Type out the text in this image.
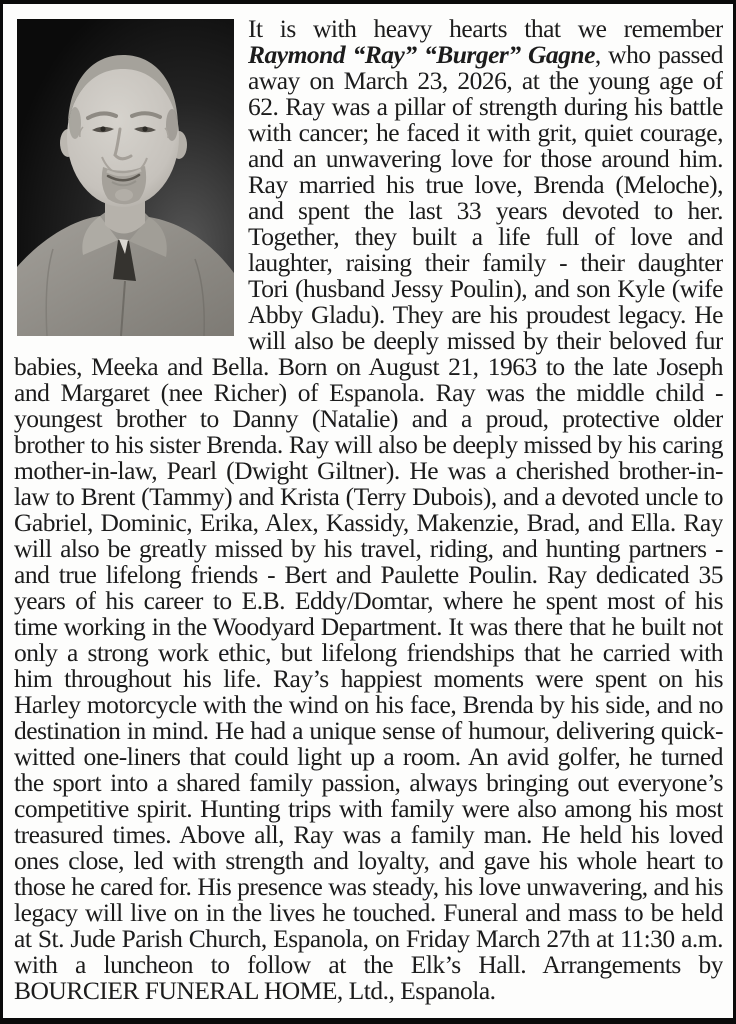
It is with heavy hearts that we remember Raymond “Ray” “Burger” Gagne, who passed away on March 23, 2026, at the young age of 62. Ray was a pillar of strength during his battle with cancer; he faced it with grit, quiet courage, and an unwavering love for those around him. Ray married his true love, Brenda (Meloche), and spent the last 33 years devoted to her. Together, they built a life full of love and laughter, raising their family - their daughter Tori (husband Jessy Poulin), and son Kyle (wife Abby Gladu). They are his proudest legacy. He will also be deeply missed by their beloved fur babies, Meeka and Bella. Born on August 21, 1963 to the late Joseph and Margaret (nee Richer) of Espanola. Ray was the middle child - youngest brother to Danny (Natalie) and a proud, protective older brother to his sister Brenda. Ray will also be deeply missed by his caring mother-in-law, Pearl (Dwight Giltner). He was a cherished brother-in-law to Brent (Tammy) and Krista (Terry Dubois), and a devoted uncle to Gabriel, Dominic, Erika, Alex, Kassidy, Makenzie, Brad, and Ella. Ray will also be greatly missed by his travel, riding, and hunting partners - and true lifelong friends - Bert and Paulette Poulin. Ray dedicated 35 years of his career to E.B. Eddy/Domtar, where he spent most of his time working in the Woodyard Department. It was there that he built not only a strong work ethic, but lifelong friendships that he carried with him throughout his life. Ray’s happiest moments were spent on his Harley motorcycle with the wind on his face, Brenda by his side, and no destination in mind. He had a unique sense of humour, delivering quick-witted one-liners that could light up a room. An avid golfer, he turned the sport into a shared family passion, always bringing out everyone’s competitive spirit. Hunting trips with family were also among his most treasured times. Above all, Ray was a family man. He held his loved ones close, led with strength and loyalty, and gave his whole heart to those he cared for. His presence was steady, his love unwavering, and his legacy will live on in the lives he touched. Funeral and mass to be held at St. Jude Parish Church, Espanola, on Friday March 27th at 11:30 a.m. with a luncheon to follow at the Elk’s Hall. Arrangements by BOURCIER FUNERAL HOME, Ltd., Espanola.
